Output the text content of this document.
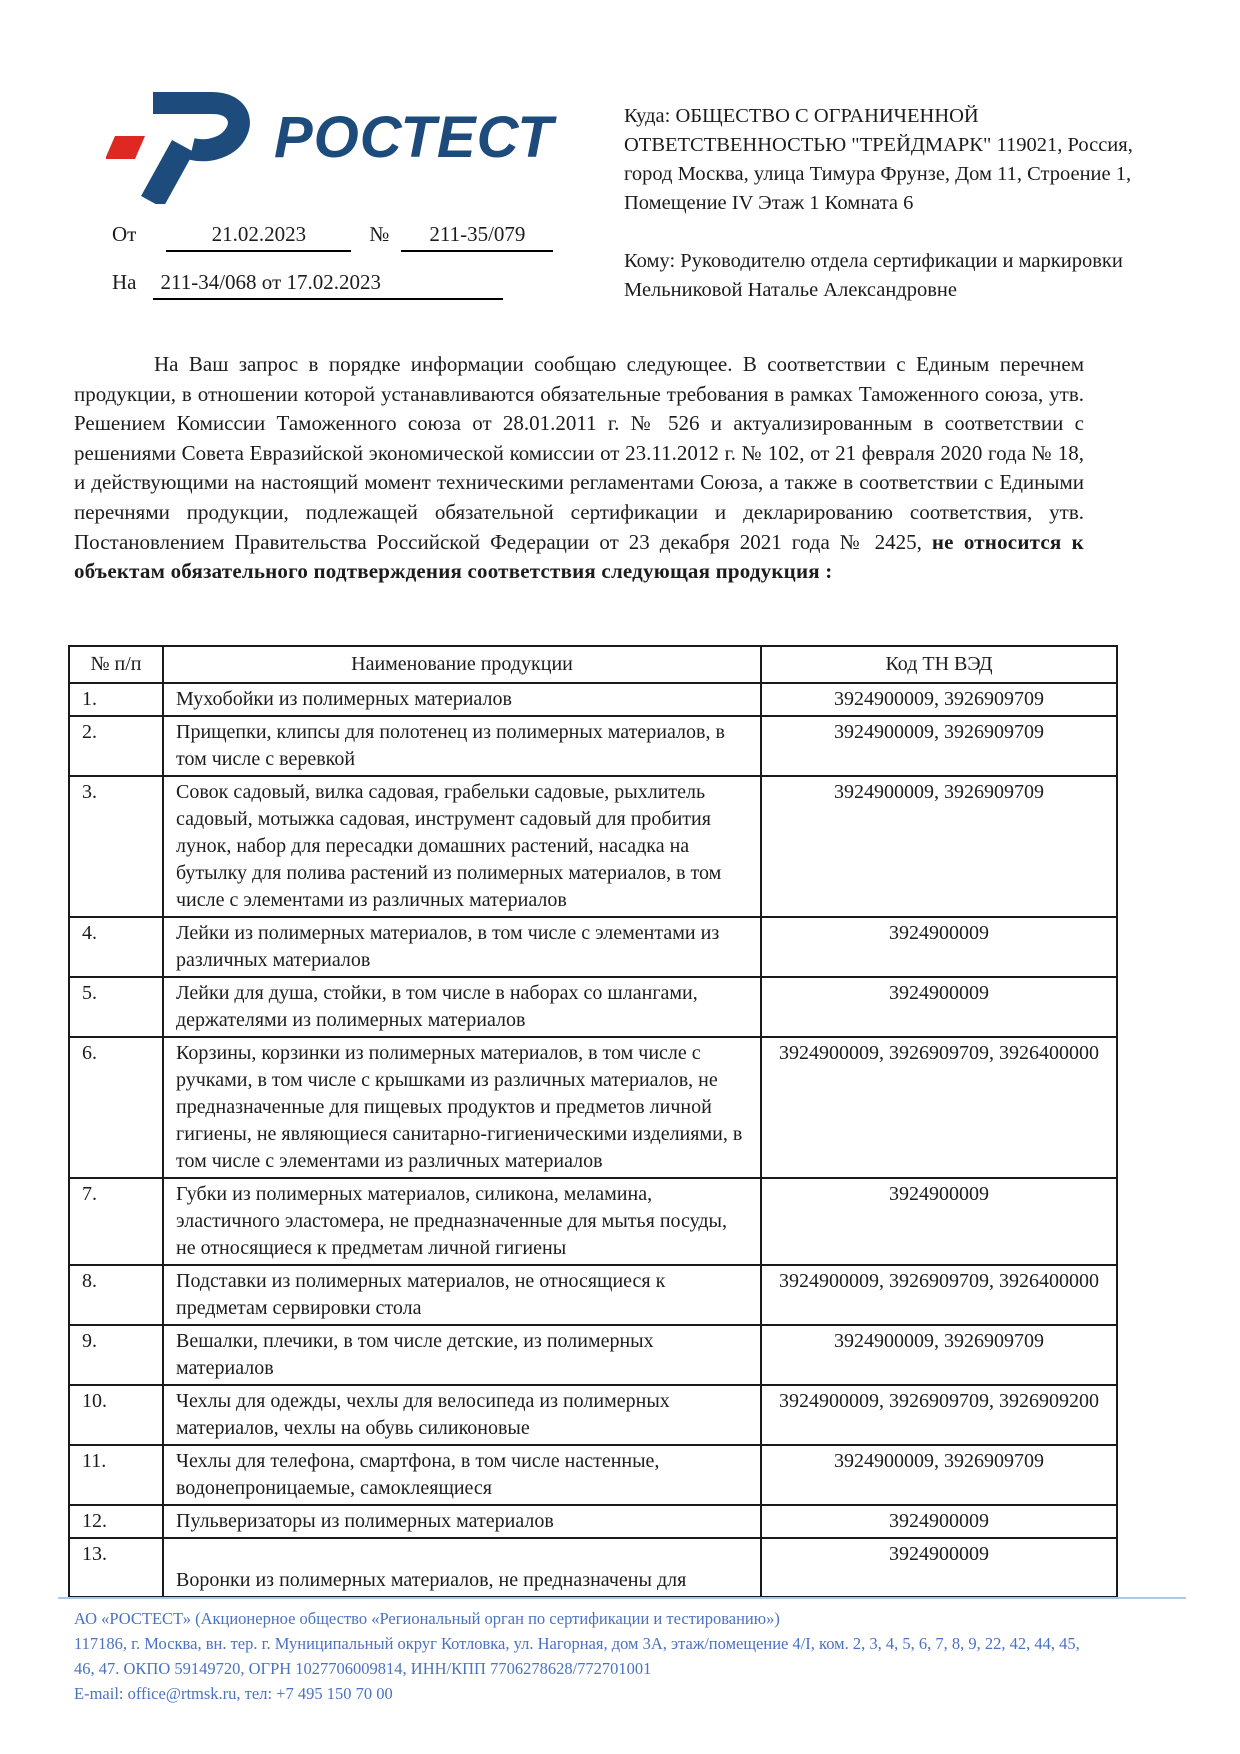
РОСТЕСТ
От	21.02.2023	№	211-35/079
На	211-34/068 от 17.02.2023

Куда: ОБЩЕСТВО С ОГРАНИЧЕННОЙ ОТВЕТСТВЕННОСТЬЮ "ТРЕЙДМАРК" 119021, Россия, город Москва, улица Тимура Фрунзе, Дом 11, Строение 1, Помещение IV Этаж 1 Комната 6

Кому: Руководителю отдела сертификации и маркировки
Мельниковой Наталье Александровне

На Ваш запрос в порядке информации сообщаю следующее. В соответствии с Единым перечнем продукции, в отношении которой устанавливаются обязательные требования в рамках Таможенного союза, утв. Решением Комиссии Таможенного союза от 28.01.2011 г. № 526 и актуализированным в соответствии с решениями Совета Евразийской экономической комиссии от 23.11.2012 г. № 102, от 21 февраля 2020 года № 18, и действующими на настоящий момент техническими регламентами Союза, а также в соответствии с Едиными перечнями продукции, подлежащей обязательной сертификации и декларированию соответствия, утв. Постановлением Правительства Российской Федерации от 23 декабря 2021 года № 2425, не относится к объектам обязательного подтверждения соответствия следующая продукция :

№ п/п	Наименование продукции	Код ТН ВЭД
1.	Мухобойки из полимерных материалов	3924900009, 3926909709
2.	Прищепки, клипсы для полотенец из полимерных материалов, в том числе с веревкой	3924900009, 3926909709
3.	Совок садовый, вилка садовая, грабельки садовые, рыхлитель садовый, мотыжка садовая, инструмент садовый для пробития лунок, набор для пересадки домашних растений, насадка на бутылку для полива растений из полимерных материалов, в том числе с элементами из различных материалов	3924900009, 3926909709
4.	Лейки из полимерных материалов, в том числе с элементами из различных материалов	3924900009
5.	Лейки для душа, стойки, в том числе в наборах со шлангами, держателями из полимерных материалов	3924900009
6.	Корзины, корзинки из полимерных материалов, в том числе с ручками, в том числе с крышками из различных материалов, не предназначенные для пищевых продуктов и предметов личной гигиены, не являющиеся санитарно-гигиеническими изделиями, в том числе с элементами из различных материалов	3924900009, 3926909709, 3926400000
7.	Губки из полимерных материалов, силикона, меламина, эластичного эластомера, не предназначенные для мытья посуды, не относящиеся к предметам личной гигиены	3924900009
8.	Подставки из полимерных материалов, не относящиеся к предметам сервировки стола	3924900009, 3926909709, 3926400000
9.	Вешалки, плечики, в том числе детские, из полимерных материалов	3924900009, 3926909709
10.	Чехлы для одежды, чехлы для велосипеда из полимерных материалов, чехлы на обувь силиконовые	3924900009, 3926909709, 3926909200
11.	Чехлы для телефона, смартфона, в том числе настенные, водонепроницаемые, самоклеящиеся	3924900009, 3926909709
12.	Пульверизаторы из полимерных материалов	3924900009
13.	Воронки из полимерных материалов, не предназначены для	3924900009

АО «РОСТЕСТ» (Акционерное общество «Региональный орган по сертификации и тестированию»)

117186, г. Москва, вн. тер. г. Муниципальный округ Котловка, ул. Нагорная, дом 3А, этаж/помещение 4/I, ком. 2, 3, 4, 5, 6, 7, 8, 9, 22, 42, 44, 45, 46, 47. ОКПО 59149720, ОГРН 1027706009814, ИНН/КПП 7706278628/772701001

E-mail: office@rtmsk.ru, тел: +7 495 150 70 00
